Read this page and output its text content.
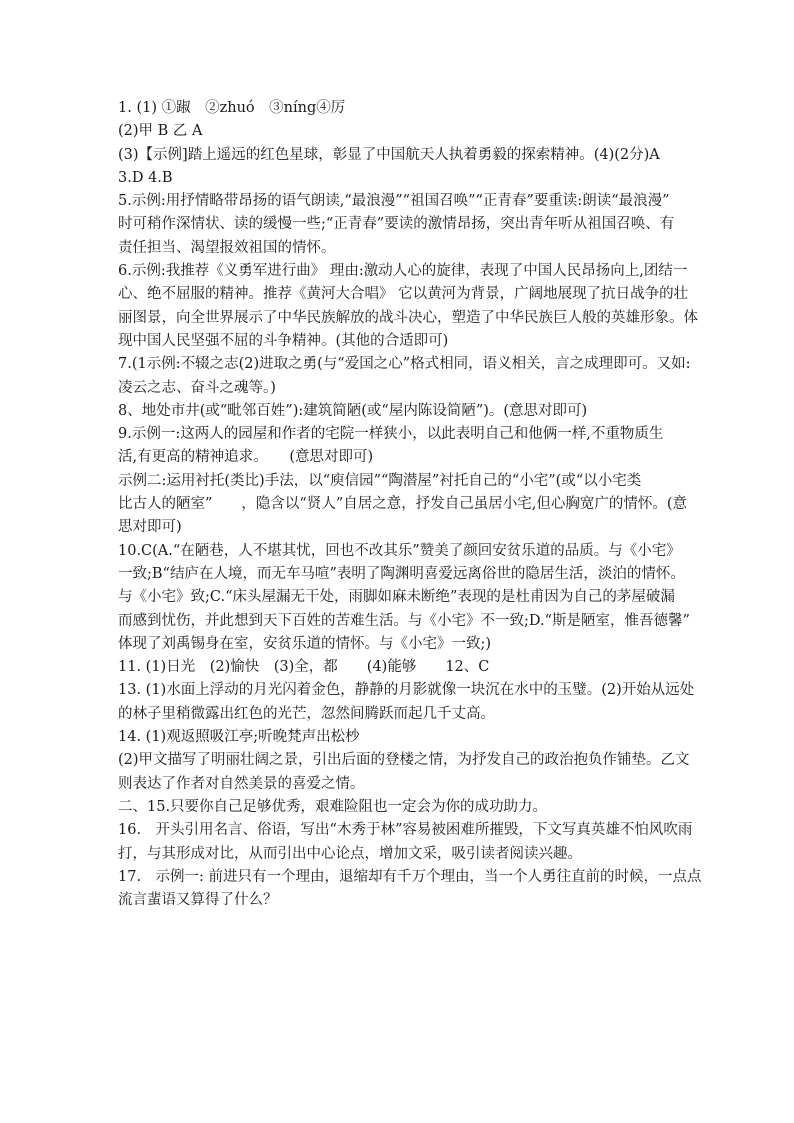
1. (1) ①踧　②zhuó　③níng④厉
(2)甲 B 乙 A
(3)【示例]踏上遥远的红色星球，彰显了中国航天人执着勇毅的探索精神。(4)(2分)A
3.D 4.B
5.示例:用抒情略带昂扬的语气朗读,“最浪漫”“祖国召唤”“正青春”要重读:朗读“最浪漫”
时可稍作深情状、读的缓慢一些;“正青春”要读的激情昂扬，突出青年听从祖国召唤、有
责任担当、渴望报效祖国的情怀。
6.示例:我推荐《义勇军进行曲》 理由:激动人心的旋律，表现了中国人民昂扬向上,团结一
心、绝不屈服的精神。推荐《黄河大合唱》 它以黄河为背景，广阔地展现了抗日战争的壮
丽图景，向全世界展示了中华民族解放的战斗决心，塑造了中华民族巨人般的英雄形象。体
现中国人民坚强不屈的斗争精神。(其他的合适即可)
7.(1示例:不辍之志(2)进取之勇(与“爱国之心”格式相同，语义相关，言之成理即可。又如:
凌云之志、奋斗之魂等。)
8、地处市井(或“毗邻百姓”):建筑简陋(或“屋内陈设简陋”)。(意思对即可)
9.示例一:这两人的园屋和作者的宅院一样狭小，以此表明自己和他俩一样,不重物质生
活,有更高的精神追求。　　(意思对即可)
示例二:运用衬托(类比)手法，以“庾信园”“陶潜屋”衬托自己的“小宅”(或“以小宅类
比古人的陋室”　　，隐含以“贤人”自居之意，抒发自己虽居小宅,但心胸宽广的情怀。(意
思对即可)
10.C(A.“在陋巷，人不堪其忧，回也不改其乐”赞美了颜回安贫乐道的品质。与《小宅》
一致;B“结庐在人境，而无车马喧”表明了陶渊明喜爱远离俗世的隐居生活，淡泊的情怀。
与《小宅》致;C.“床头屋漏无干处，雨脚如麻未断绝”表现的是杜甫因为自己的茅屋破漏
而感到忧伤，并此想到天下百姓的苦难生活。与《小宅》不一致;D.“斯是陋室，惟吾德馨”
体现了刘禹锡身在室，安贫乐道的情怀。与《小宅》一致;)
11. (1)日光　(2)愉快　(3)全，都　　(4)能够　　12、C
13. (1)水面上浮动的月光闪着金色，静静的月影就像一块沉在水中的玉璧。(2)开始从远处
的林子里稍微露出红色的光芒，忽然间腾跃而起几千丈高。
14. (1)观返照吸江亭;听晚梵声出松杪
(2)甲文描写了明丽壮阔之景，引出后面的登楼之情，为抒发自己的政治抱负作铺垫。乙文
则表达了作者对自然美景的喜爱之情。
二、15.只要你自己足够优秀，艰难险阻也一定会为你的成功助力。
16.　开头引用名言、俗语，写出“木秀于林”容易被困难所摧毁，下文写真英雄不怕风吹雨
打，与其形成对比，从而引出中心论点，增加文采，吸引读者阅读兴趣。
17.　示例一: 前进只有一个理由，退缩却有千万个理由，当一个人勇往直前的时候，一点点
流言蜚语又算得了什么？
